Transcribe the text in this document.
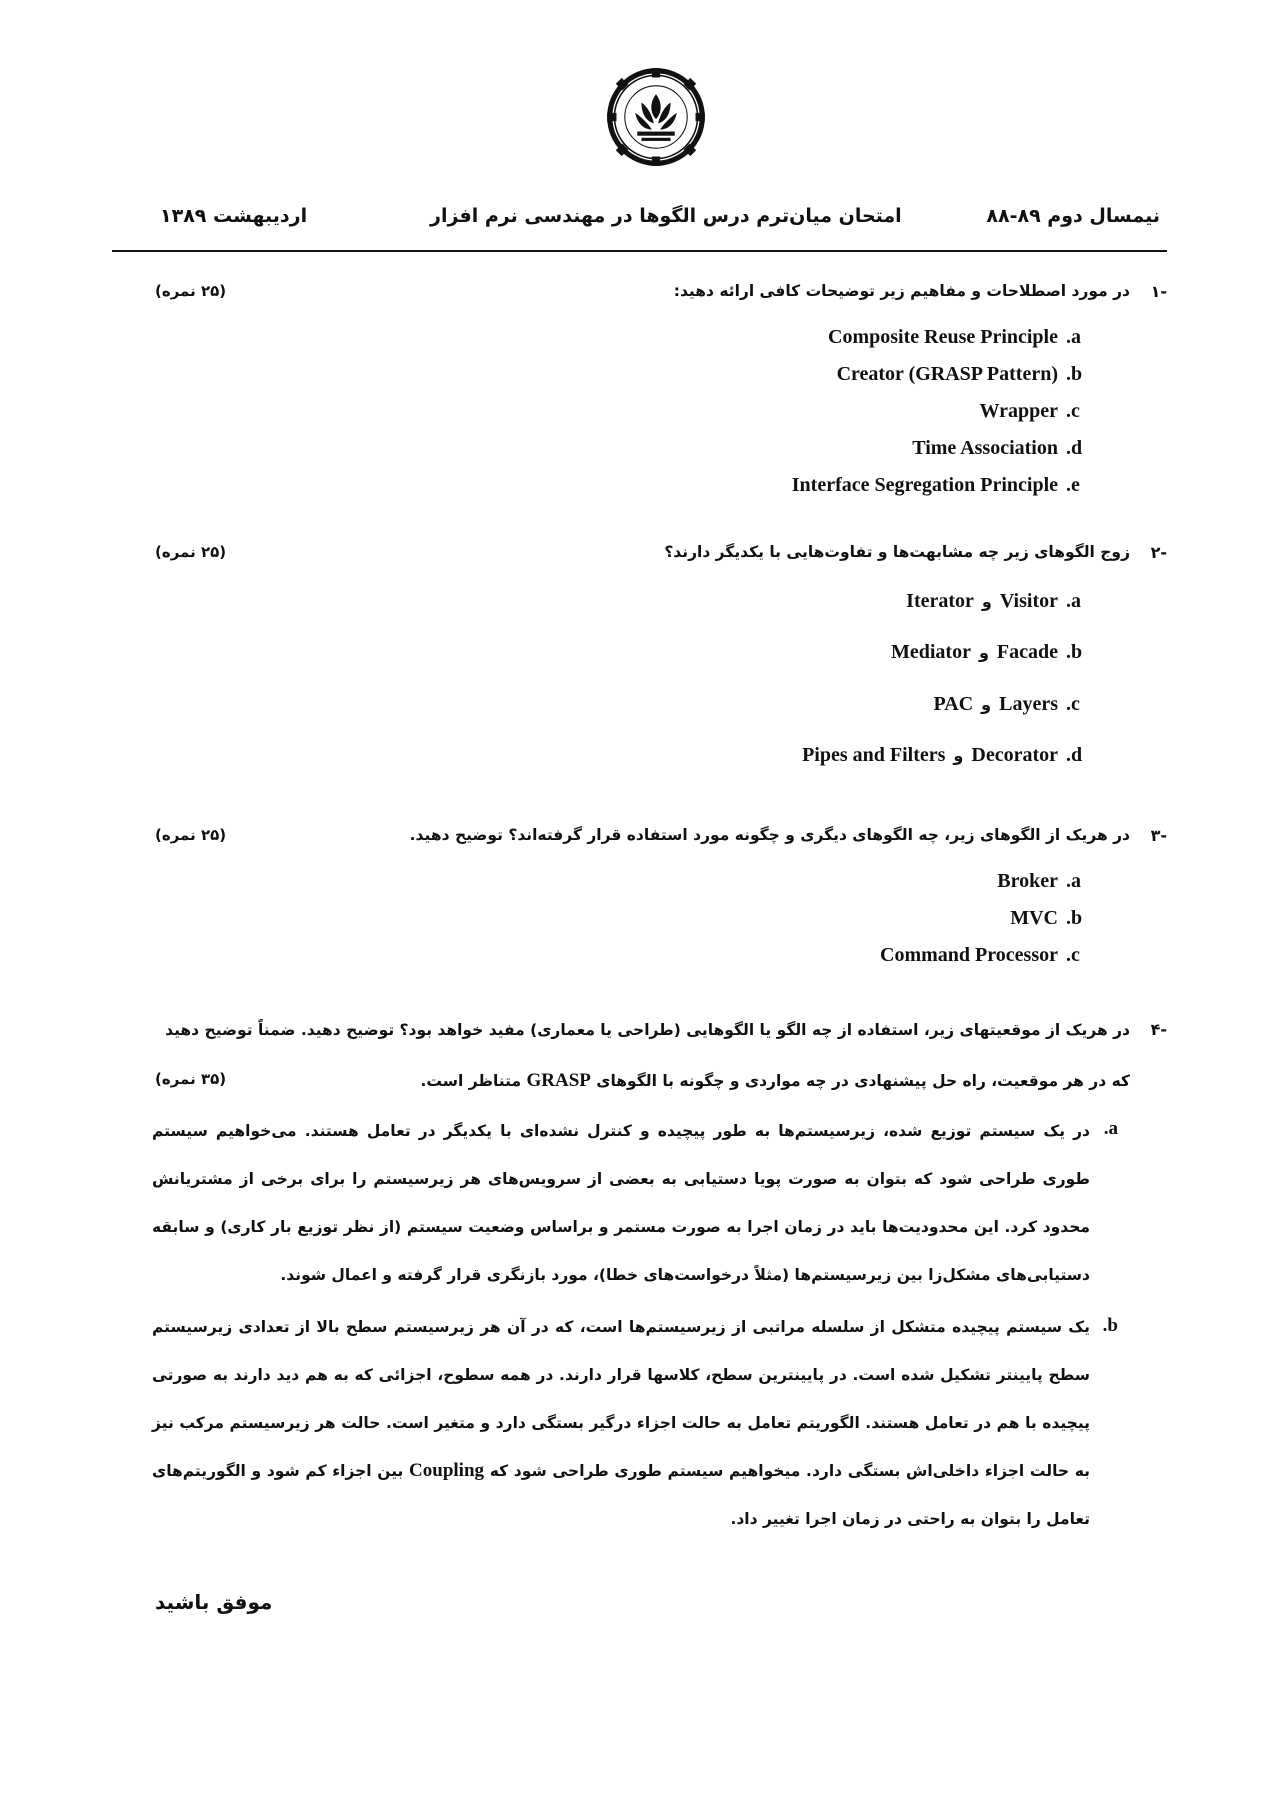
نیمسال دوم ۸۹-۸۸
امتحان میان‌ترم درس الگوها در مهندسی نرم افزار
اردیبهشت ۱۳۸۹
-۱
در مورد اصطلاحات و مفاهیم زیر توضیحات کافی ارائه دهید:
(۲۵ نمره)
Composite Reuse Principle .a
Creator (GRASP Pattern) .b
Wrapper .c
Time Association .d
Interface Segregation Principle .e
-۲
زوج الگوهای زیر چه مشابهت‌ها و تفاوت‌هایی با یکدیگر دارند؟
(۲۵ نمره)
Iterator و Visitor .a
Mediator و Facade .b
PAC و Layers .c
Pipes and Filters و Decorator .d
-۳
در هریک از الگوهای زیر، چه الگوهای دیگری و چگونه مورد استفاده قرار گرفته‌اند؟ توضیح دهید.
(۲۵ نمره)
Broker .a
MVC .b
Command Processor .c
-۴
در هریک از موقعیتهای زیر، استفاده از چه الگو یا الگوهایی (طراحی یا معماری) مفید خواهد بود؟ توضیح دهید. ضمناً توضیح دهید
که در هر موقعیت، راه حل پیشنهادی در چه مواردی و چگونه با الگوهای GRASP متناظر است.
(۳۵ نمره)
.a
در یک سیستم توزیع شده، زیرسیستم‌ها به طور پیچیده و کنترل نشده‌ای با یکدیگر در تعامل هستند. می‌خواهیم سیستم طوری طراحی شود که بتوان به صورت پویا دستیابی به بعضی از سرویس‌های هر زیرسیستم را برای برخی از مشتریانش محدود کرد. این محدودیت‌ها باید در زمان اجرا به صورت مستمر و براساس وضعیت سیستم (از نظر توزیع بار کاری) و سابقه دستیابی‌های مشکل‌زا بین زیرسیستم‌ها (مثلاً درخواست‌های خطا)، مورد بازنگری قرار گرفته و اعمال شوند.
.b
یک سیستم پیچیده متشکل از سلسله مراتبی از زیرسیستم‌ها است، که در آن هر زیرسیستم سطح بالا از تعدادی زیرسیستم سطح پایینتر تشکیل شده است. در پایینترین سطح، کلاسها قرار دارند. در همه سطوح، اجزائی که به هم دید دارند به صورتی پیچیده با هم در تعامل هستند. الگوریتم تعامل به حالت اجزاء درگیر بستگی دارد و متغیر است. حالت هر زیرسیستم مرکب نیز به حالت اجزاء داخلی‌اش بستگی دارد. میخواهیم سیستم طوری طراحی شود که Coupling بین اجزاء کم شود و الگوریتم‌های تعامل را بتوان به راحتی در زمان اجرا تغییر داد.
موفق باشید
